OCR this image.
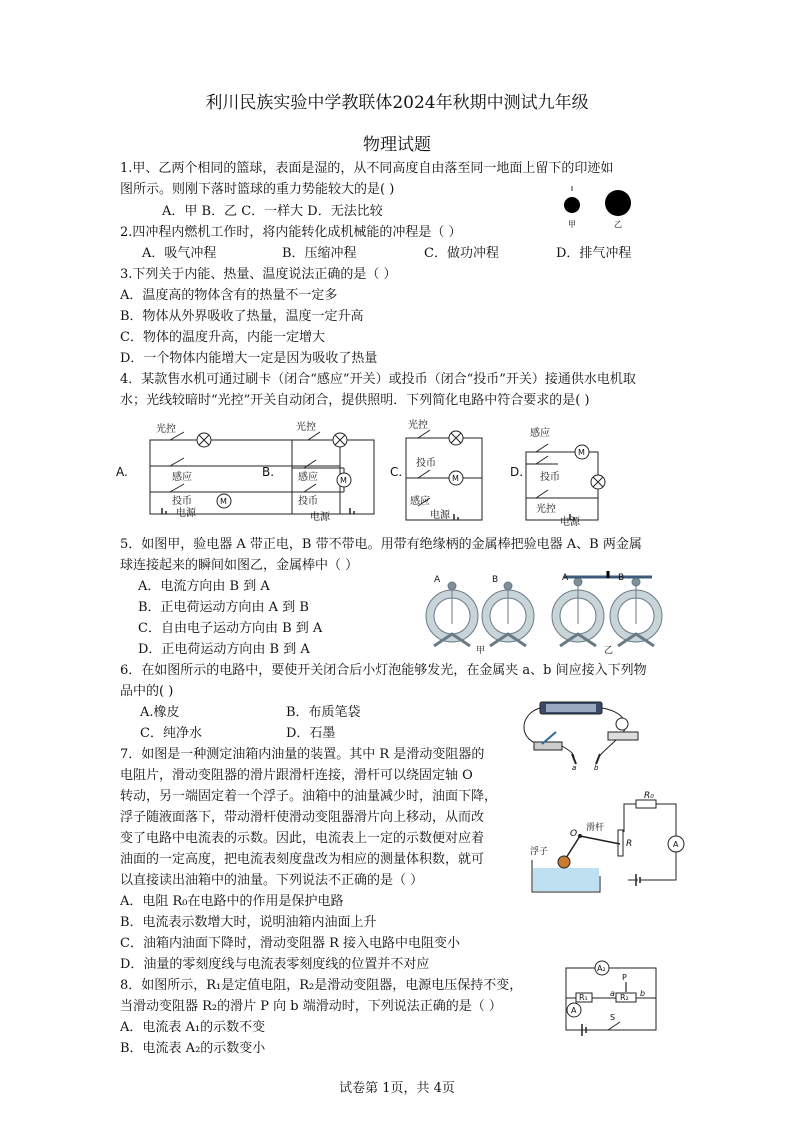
利川民族实验中学教联体2024年秋期中测试九年级
物理试题
1.甲、乙两个相同的篮球，表面是湿的，从不同高度自由落至同一地面上留下的印迹如
图所示。则刚下落时篮球的重力势能较大的是( )
A．甲 B．乙 C．一样大 D．无法比较
甲	乙
2.四冲程内燃机工作时，将内能转化成机械能的冲程是（ ）
A．吸气冲程	B．压缩冲程	C．做功冲程	D．排气冲程
3.下列关于内能、热量、温度说法正确的是（ ）
A．温度高的物体含有的热量不一定多
B．物体从外界吸收了热量，温度一定升高
C．物体的温度升高，内能一定增大
D．一个物体内能增大一定是因为吸收了热量
4．某款售水机可通过刷卡（闭合“感应”开关）或投币（闭合“投币”开关）接通供水电机取
水；光线较暗时“光控”开关自动闭合，提供照明．下列简化电路中符合要求的是( )
A.
光控
感应
投币
电源
M
B.
光控
感应
投币
电源
M
C.
光控
投币
感应
电源
M	D.
感应
投币
光控
电源
M
5．如图甲，验电器 A 带正电，B 带不带电。用带有绝缘柄的金属棒把验电器 A、B 两金属
球连接起来的瞬间如图乙，金属棒中（ ）
A．电流方向由 B 到 A
B．正电荷运动方向由 A 到 B
C．自由电子运动方向由 B 到 A
D．正电荷运动方向由 B 到 A
A	B	A	B
甲	乙
6．在如图所示的电路中，要使开关闭合后小灯泡能够发光，在金属夹 a、b 间应接入下列物
品中的( )
A.橡皮	B．布质笔袋
C．纯净水	D．石墨
a	b
7．如图是一种测定油箱内油量的装置。其中 R 是滑动变阻器的
电阻片，滑动变阻器的滑片跟滑杆连接，滑杆可以绕固定轴 O
转动，另一端固定着一个浮子。油箱中的油量减少时，油面下降，
浮子随液面落下，带动滑杆使滑动变阻器滑片向上移动，从而改
变了电路中电流表的示数。因此，电流表上一定的示数便对应着
油面的一定高度，把电流表刻度盘改为相应的测量体积数，就可
以直接读出油箱中的油量。下列说法不正确的是（ ）
A．电阻 R₀在电路中的作用是保护电路
B．电流表示数增大时，说明油箱内油面上升
C．油箱内油面下降时，滑动变阻器 R 接入电路中电阻变小
D．油量的零刻度线与电流表零刻度线的位置并不对应
R₀
O
滑杆
R
浮子
A
8．如图所示，R₁是定值电阻，R₂是滑动变阻器，电源电压保持不变，
当滑动变阻器 R₂的滑片 P 向 b 端滑动时，下列说法正确的是（ ）
A．电流表 A₁的示数不变
B．电流表 A₂的示数变小
A₂
A
P
a	b
R₁	R₂
S
试卷第 1页，共 4页
